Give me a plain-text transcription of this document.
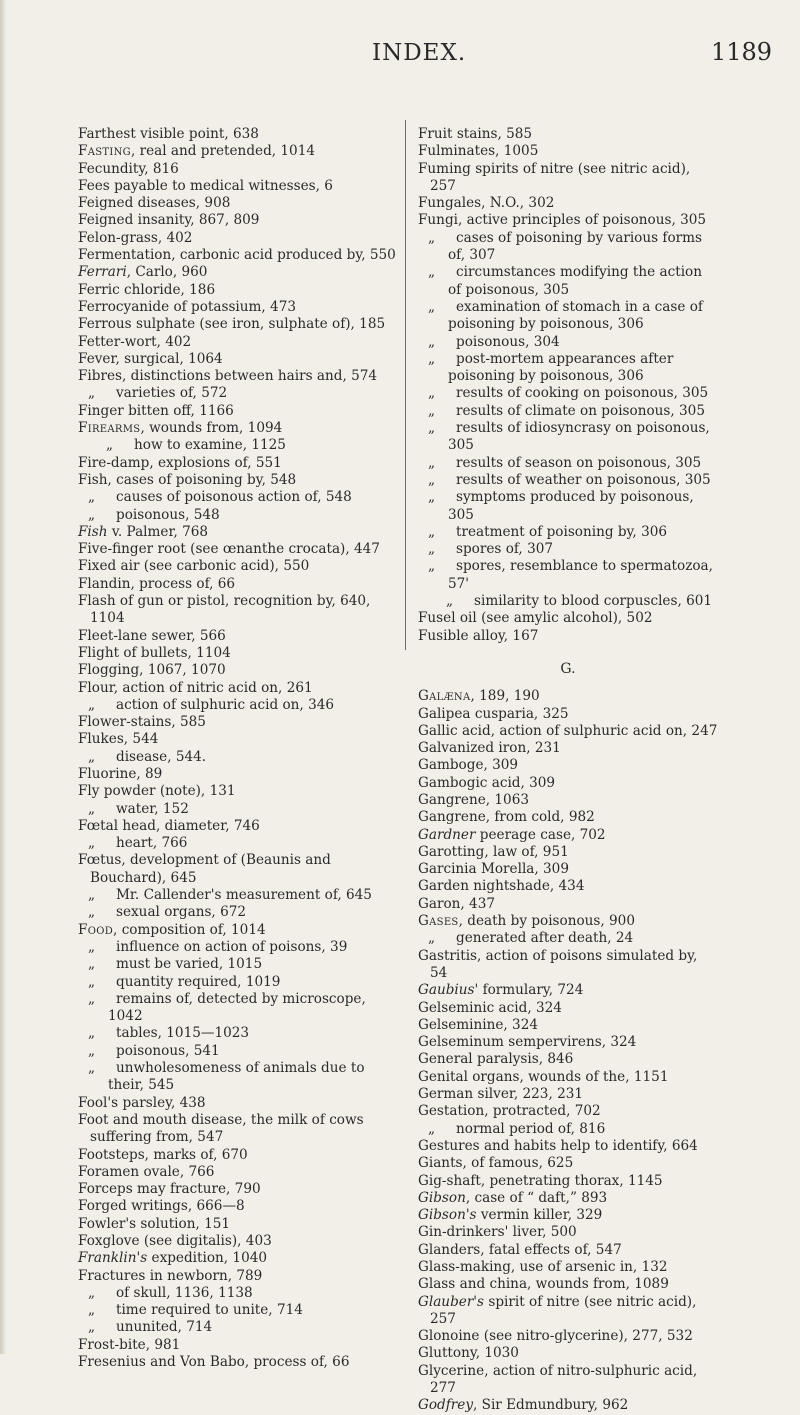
INDEX.	1189
Farthest visible point, 638
Fasting, real and pretended, 1014
Fecundity, 816
Fees payable to medical witnesses, 6
Feigned diseases, 908
Feigned insanity, 867, 809
Felon-grass, 402
Fermentation, carbonic acid produced by, 550
Ferrari, Carlo, 960
Ferric chloride, 186
Ferrocyanide of potassium, 473
Ferrous sulphate (see iron, sulphate of), 185
Fetter-wort, 402
Fever, surgical, 1064
Fibres, distinctions between hairs and, 574
„ varieties of, 572
Finger bitten off, 1166
Firearms, wounds from, 1094
„ how to examine, 1125
Fire-damp, explosions of, 551
Fish, cases of poisoning by, 548
„ causes of poisonous action of, 548
„ poisonous, 548
Fish v. Palmer, 768
Five-finger root (see œnanthe crocata), 447
Fixed air (see carbonic acid), 550
Flandin, process of, 66
Flash of gun or pistol, recognition by, 640, 1104
Fleet-lane sewer, 566
Flight of bullets, 1104
Flogging, 1067, 1070
Flour, action of nitric acid on, 261
„ action of sulphuric acid on, 346
Flower-stains, 585
Flukes, 544
„ disease, 544.
Fluorine, 89
Fly powder (note), 131
„ water, 152
Fœtal head, diameter, 746
„ heart, 766
Fœtus, development of (Beaunis and Bouchard), 645
„ Mr. Callender's measurement of, 645
„ sexual organs, 672
Food, composition of, 1014
„ influence on action of poisons, 39
„ must be varied, 1015
„ quantity required, 1019
„ remains of, detected by microscope, 1042
„ tables, 1015—1023
„ poisonous, 541
„ unwholesomeness of animals due to their, 545
Fool's parsley, 438
Foot and mouth disease, the milk of cows suffering from, 547
Footsteps, marks of, 670
Foramen ovale, 766
Forceps may fracture, 790
Forged writings, 666—8
Fowler's solution, 151
Foxglove (see digitalis), 403
Franklin's expedition, 1040
Fractures in newborn, 789
„ of skull, 1136, 1138
„ time required to unite, 714
„ ununited, 714
Frost-bite, 981
Fresenius and Von Babo, process of, 66
Fruit stains, 585
Fulminates, 1005
Fuming spirits of nitre (see nitric acid), 257
Fungales, N.O., 302
Fungi, active principles of poisonous, 305
„ cases of poisoning by various forms of, 307
„ circumstances modifying the action of poisonous, 305
„ examination of stomach in a case of poisoning by poisonous, 306
„ poisonous, 304
„ post-mortem appearances after poisoning by poisonous, 306
„ results of cooking on poisonous, 305
„ results of climate on poisonous, 305
„ results of idiosyncrasy on poisonous, 305
„ results of season on poisonous, 305
„ results of weather on poisonous, 305
„ symptoms produced by poisonous, 305
„ treatment of poisoning by, 306
„ spores of, 307
„ spores, resemblance to spermatozoa, 57'
„ similarity to blood corpuscles, 601
Fusel oil (see amylic alcohol), 502
Fusible alloy, 167
G.
Galæna, 189, 190
Galipea cusparia, 325
Gallic acid, action of sulphuric acid on, 247
Galvanized iron, 231
Gamboge, 309
Gambogic acid, 309
Gangrene, 1063
Gangrene, from cold, 982
Gardner peerage case, 702
Garotting, law of, 951
Garcinia Morella, 309
Garden nightshade, 434
Garon, 437
Gases, death by poisonous, 900
„ generated after death, 24
Gastritis, action of poisons simulated by, 54
Gaubius' formulary, 724
Gelseminic acid, 324
Gelseminine, 324
Gelseminum sempervirens, 324
General paralysis, 846
Genital organs, wounds of the, 1151
German silver, 223, 231
Gestation, protracted, 702
„ normal period of, 816
Gestures and habits help to identify, 664
Giants, of famous, 625
Gig-shaft, penetrating thorax, 1145
Gibson, case of “ daft,” 893
Gibson's vermin killer, 329
Gin-drinkers' liver, 500
Glanders, fatal effects of, 547
Glass-making, use of arsenic in, 132
Glass and china, wounds from, 1089
Glauber's spirit of nitre (see nitric acid), 257
Glonoine (see nitro-glycerine), 277, 532
Gluttony, 1030
Glycerine, action of nitro-sulphuric acid, 277
Godfrey, Sir Edmundbury, 962
